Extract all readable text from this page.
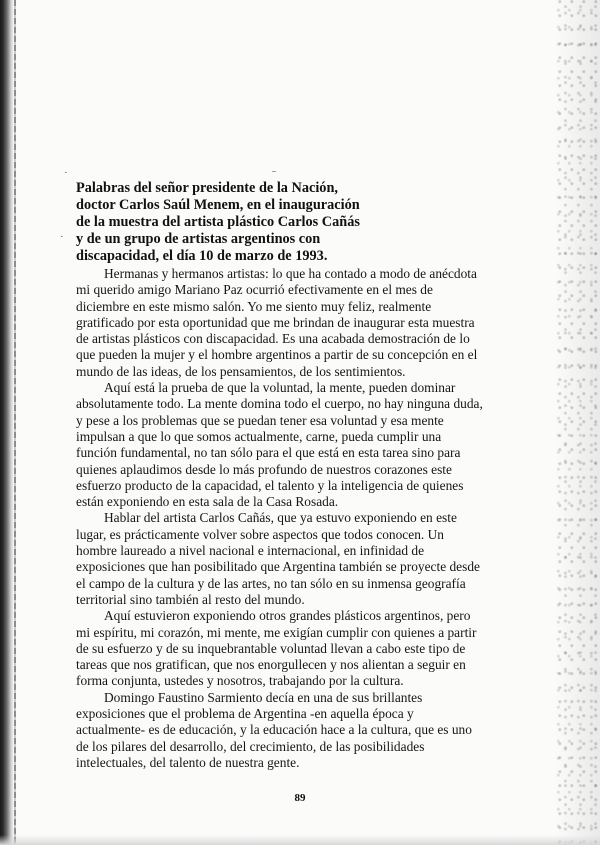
·
·
ˉ
Palabras del señor presidente de la Nación,
doctor Carlos Saúl Menem, en el inauguración
de la muestra del artista plástico Carlos Cañás
y de un grupo de artistas argentinos con
discapacidad, el día 10 de marzo de 1993.
Hermanas y hermanos artistas: lo que ha contado a modo de anécdota
mi querido amigo Mariano Paz ocurrió efectivamente en el mes de
diciembre en este mismo salón. Yo me siento muy feliz, realmente
gratificado por esta oportunidad que me brindan de inaugurar esta muestra
de artistas plásticos con discapacidad. Es una acabada demostración de lo
que pueden la mujer y el hombre argentinos a partir de su concepción en el
mundo de las ideas, de los pensamientos, de los sentimientos.
Aquí está la prueba de que la voluntad, la mente, pueden dominar
absolutamente todo. La mente domina todo el cuerpo, no hay ninguna duda,
y pese a los problemas que se puedan tener esa voluntad y esa mente
impulsan a que lo que somos actualmente, carne, pueda cumplir una
función fundamental, no tan sólo para el que está en esta tarea sino para
quienes aplaudimos desde lo más profundo de nuestros corazones este
esfuerzo producto de la capacidad, el talento y la inteligencia de quienes
están exponiendo en esta sala de la Casa Rosada.
Hablar del artista Carlos Cañás, que ya estuvo exponiendo en este
lugar, es prácticamente volver sobre aspectos que todos conocen. Un
hombre laureado a nivel nacional e internacional, en infinidad de
exposiciones que han posibilitado que Argentina también se proyecte desde
el campo de la cultura y de las artes, no tan sólo en su inmensa geografía
territorial sino también al resto del mundo.
Aquí estuvieron exponiendo otros grandes plásticos argentinos, pero
mi espíritu, mi corazón, mi mente, me exigían cumplir con quienes a partir
de su esfuerzo y de su inquebrantable voluntad llevan a cabo este tipo de
tareas que nos gratifican, que nos enorgullecen y nos alientan a seguir en
forma conjunta, ustedes y nosotros, trabajando por la cultura.
Domingo Faustino Sarmiento decía en una de sus brillantes
exposiciones que el problema de Argentina -en aquella época y
actualmente- es de educación, y la educación hace a la cultura, que es uno
de los pilares del desarrollo, del crecimiento, de las posibilidades
intelectuales, del talento de nuestra gente.
89
